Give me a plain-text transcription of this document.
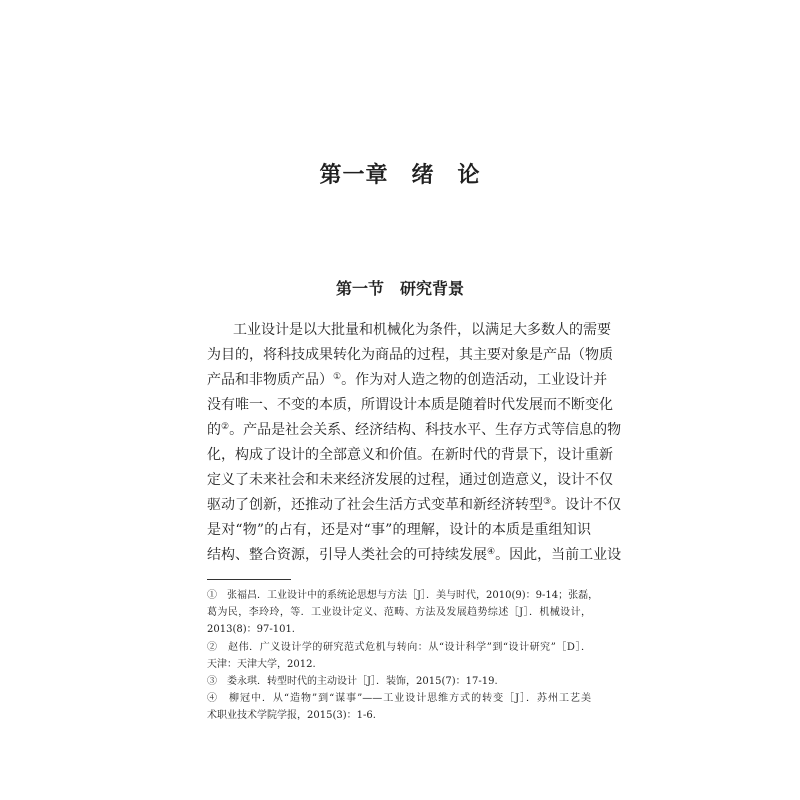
第一章　绪　论
第一节　研究背景
工业设计是以大批量和机械化为条件，以满足大多数人的需要
为目的，将科技成果转化为商品的过程，其主要对象是产品（物质
产品和非物质产品）①。作为对人造之物的创造活动，工业设计并
没有唯一、不变的本质，所谓设计本质是随着时代发展而不断变化
的②。产品是社会关系、经济结构、科技水平、生存方式等信息的物
化，构成了设计的全部意义和价值。在新时代的背景下，设计重新
定义了未来社会和未来经济发展的过程，通过创造意义，设计不仅
驱动了创新，还推动了社会生活方式变革和新经济转型③。设计不仅
是对“物”的占有，还是对“事”的理解，设计的本质是重组知识
结构、整合资源，引导人类社会的可持续发展④。因此，当前工业设
①　张福昌．工业设计中的系统论思想与方法［J］．美与时代，2010(9)：9-14；张磊，
葛为民，李玲玲，等．工业设计定义、范畴、方法及发展趋势综述［J］．机械设计，
2013(8)：97-101.
②　赵伟．广义设计学的研究范式危机与转向：从“设计科学”到“设计研究”［D］．
天津：天津大学，2012.
③　娄永琪．转型时代的主动设计［J］．装饰，2015(7)：17-19.
④　柳冠中．从“造物”到“谋事”——工业设计思维方式的转变［J］．苏州工艺美
术职业技术学院学报，2015(3)：1-6.
